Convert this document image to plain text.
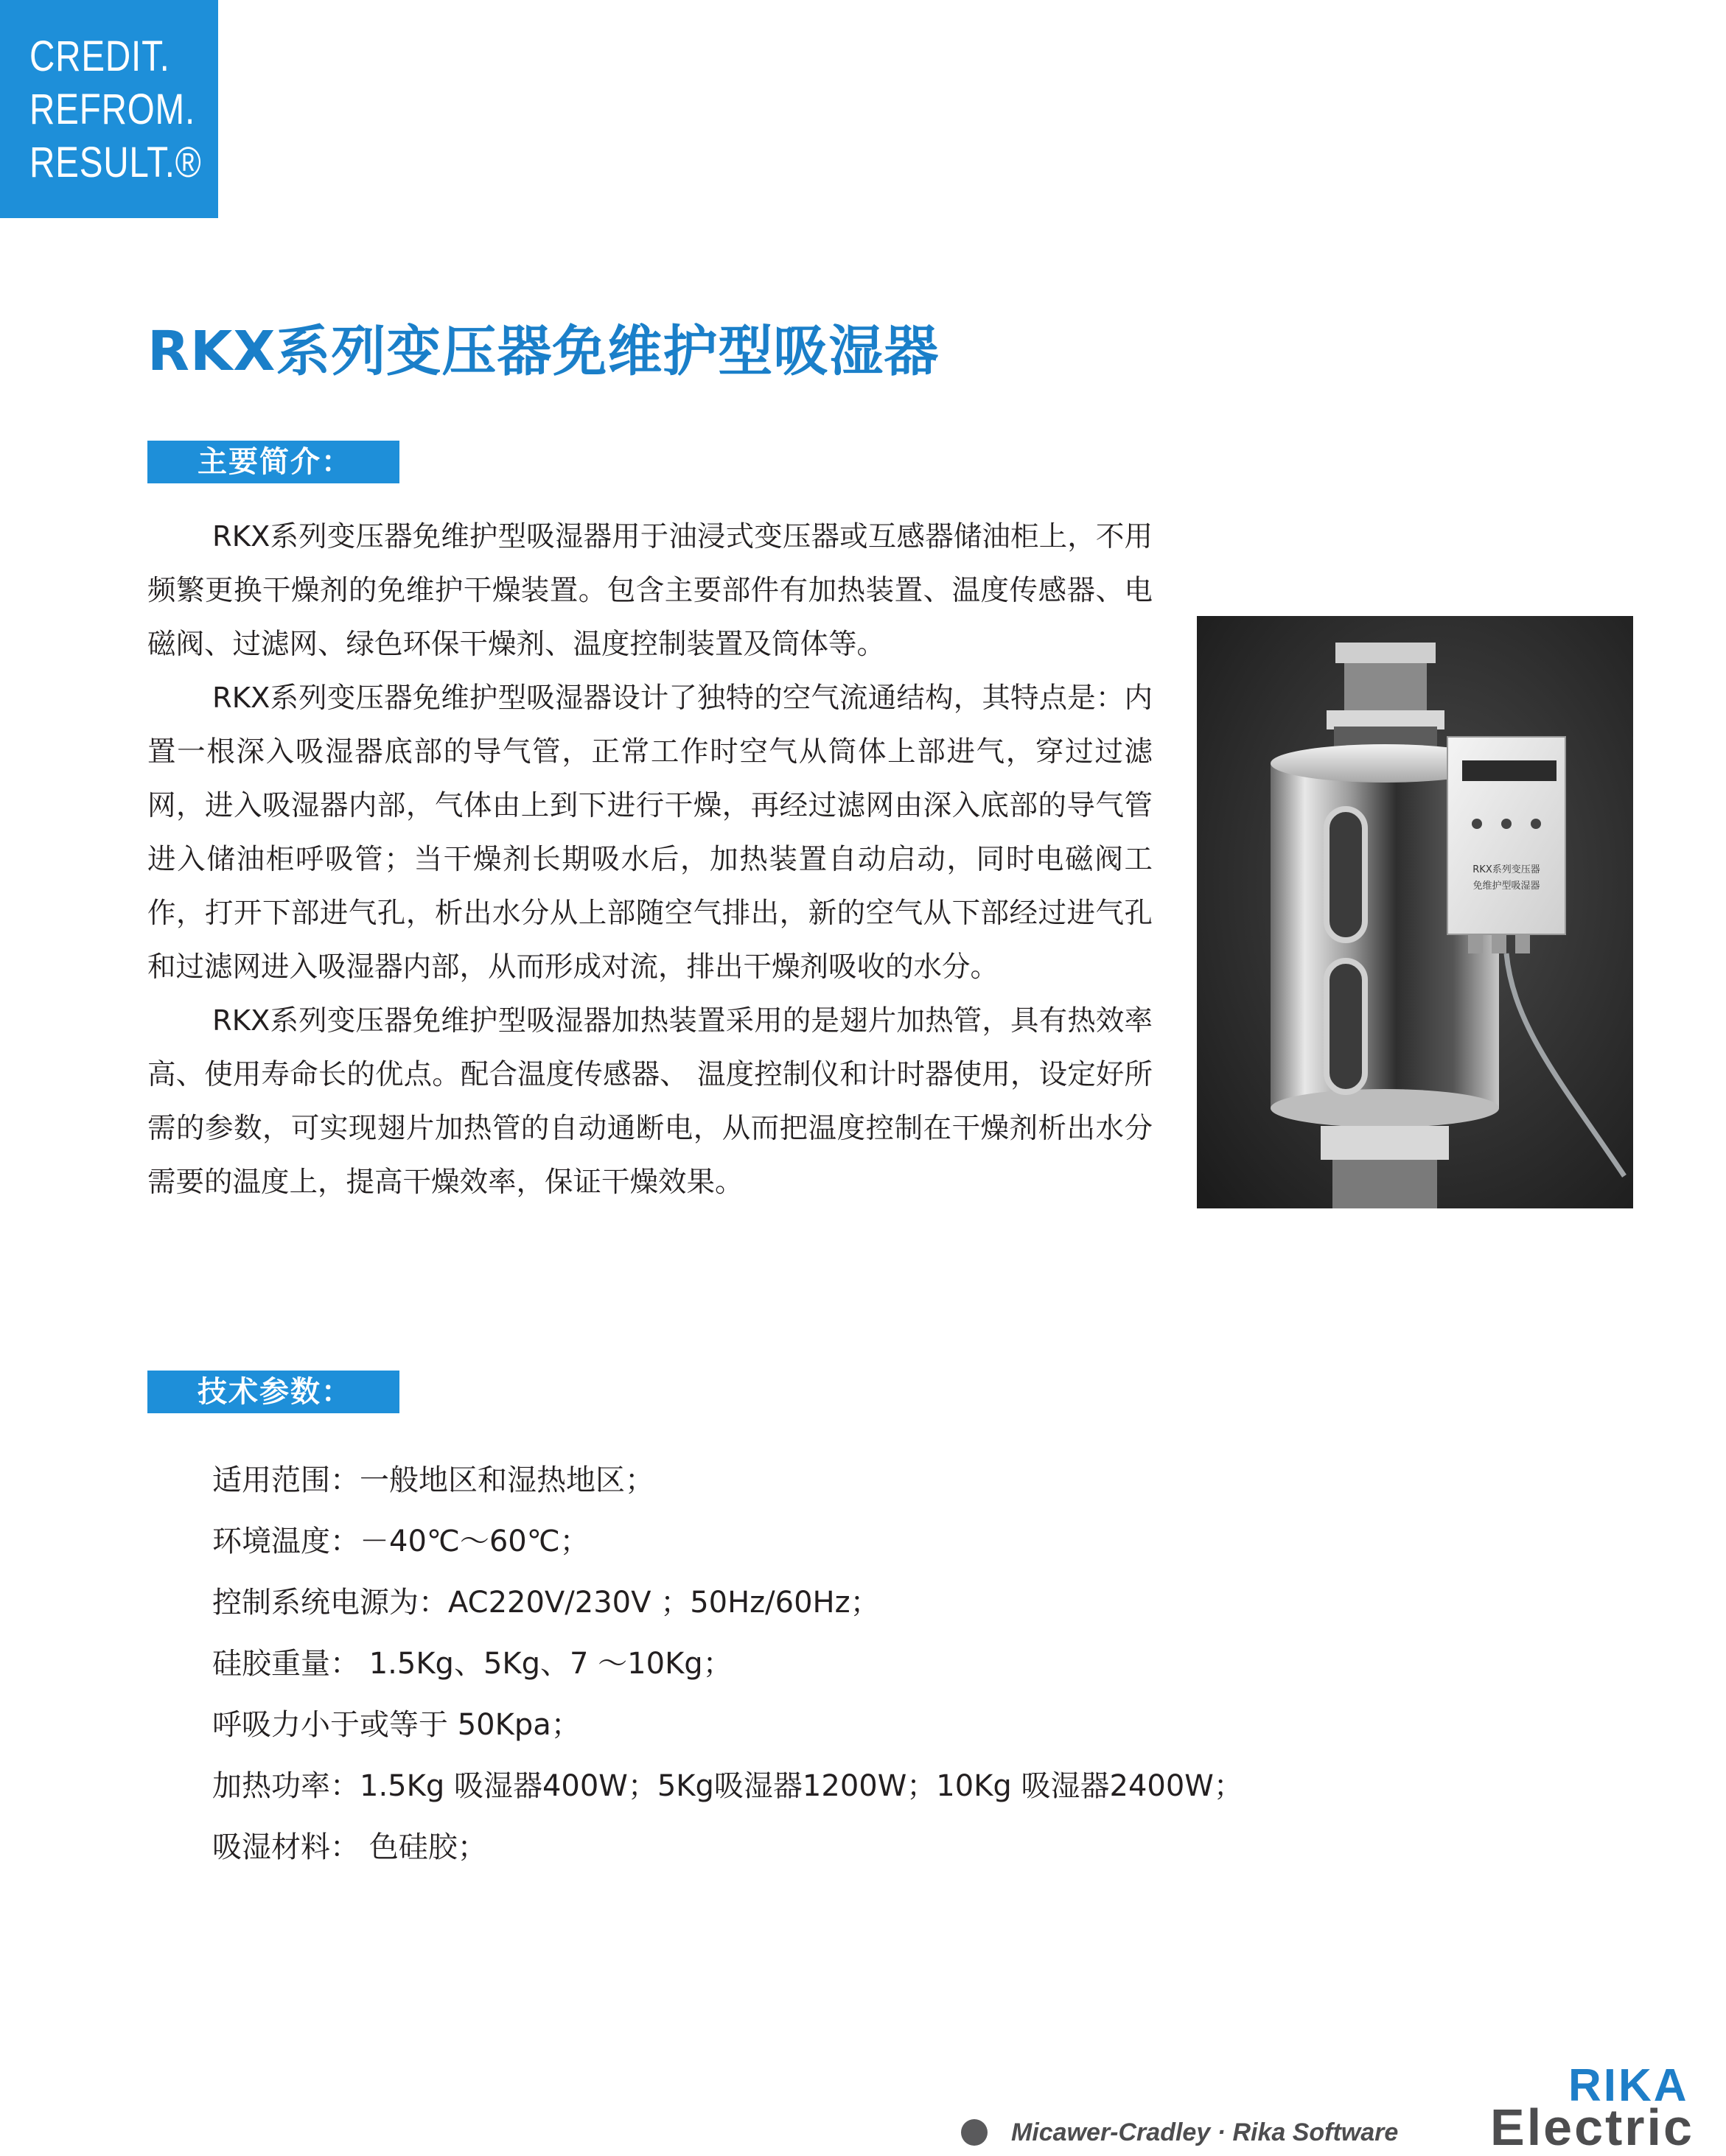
CREDIT.
REFROM.
RESULT.®
RKX系列变压器免维护型吸湿器
主要简介：

RKX系列变压器免维护型吸湿器用于油浸式变压器或互感器储油柜上，不用频繁更换干燥剂的免维护干燥装置。包含主要部件有加热装置、温度传感器、电磁阀、过滤网、绿色环保干燥剂、温度控制装置及筒体等。

RKX系列变压器免维护型吸湿器设计了独特的空气流通结构，其特点是：内置一根深入吸湿器底部的导气管，正常工作时空气从筒体上部进气，穿过过滤网，进入吸湿器内部，气体由上到下进行干燥，再经过滤网由深入底部的导气管进入储油柜呼吸管；当干燥剂长期吸水后，加热装置自动启动，同时电磁阀工作，打开下部进气孔，析出水分从上部随空气排出，新的空气从下部经过进气孔和过滤网进入吸湿器内部，从而形成对流，排出干燥剂吸收的水分。

RKX系列变压器免维护型吸湿器加热装置采用的是翅片加热管，具有热效率高、使用寿命长的优点。配合温度传感器、 温度控制仪和计时器使用，设定好所需的参数，可实现翅片加热管的自动通断电，从而把温度控制在干燥剂析出水分需要的温度上，提高干燥效率，保证干燥效果。

RKX系列变压器
免维护型吸湿器
技术参数：
适用范围：一般地区和湿热地区；
环境温度：－40℃～60℃；
控制系统电源为：AC220V/230V ；50Hz/60Hz；
硅胶重量： 1.5Kg、5Kg、7 ～10Kg；
呼吸力小于或等于 50Kpa；
加热功率：1.5Kg 吸湿器400W；5Kg吸湿器1200W；10Kg 吸湿器2400W；
吸湿材料： 色硅胶；
Micawer-Cradley · Rika Software
RIKA
Electric
